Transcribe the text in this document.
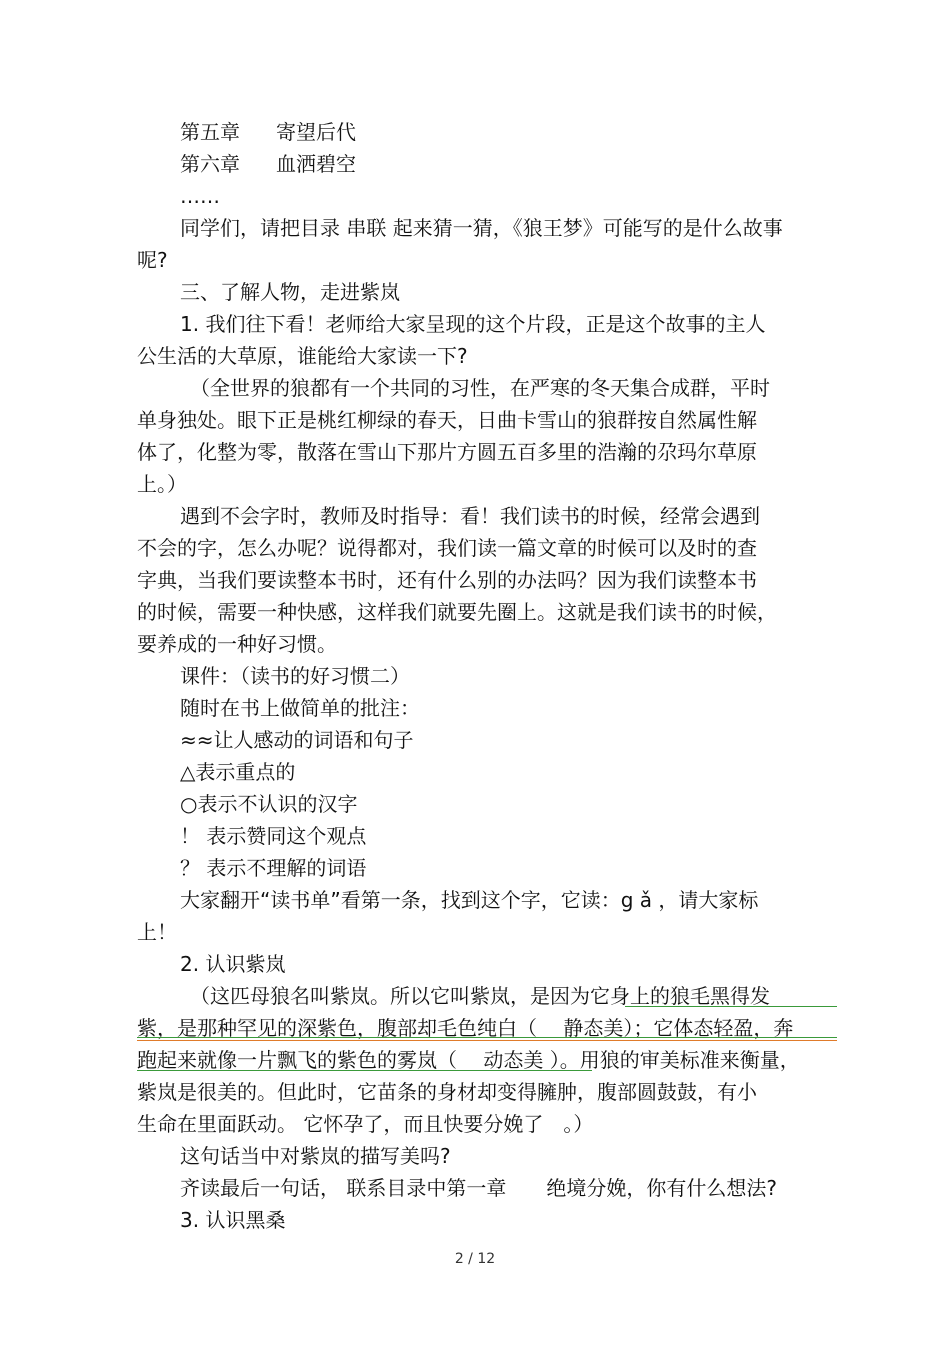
第五章 寄望后代
第六章 血洒碧空
……
同学们，请把目录 串联 起来猜一猜，《狼王梦》可能写的是什么故事
呢?
三、了解人物，走进紫岚
1. 我们往下看！老师给大家呈现的这个片段，正是这个故事的主人
公生活的大草原，谁能给大家读一下?
（全世界的狼都有一个共同的习性，在严寒的冬天集合成群，平时
单身独处。眼下正是桃红柳绿的春天，日曲卡雪山的狼群按自然属性解
体了，化整为零，散落在雪山下那片方圆五百多里的浩瀚的尕玛尔草原
上。）
遇到不会字时，教师及时指导：看！我们读书的时候，经常会遇到
不会的字，怎么办呢？说得都对，我们读一篇文章的时候可以及时的查
字典，当我们要读整本书时，还有什么别的办法吗？因为我们读整本书
的时候，需要一种快感，这样我们就要先圈上。这就是我们读书的时候，
要养成的一种好习惯。
课件：（读书的好习惯二）
随时在书上做简单的批注：
≈≈让人感动的词语和句子
△表示重点的
○表示不认识的汉字
！ 表示赞同这个观点
？ 表示不理解的词语
大家翻开“读书单”看第一条，找到这个字，它读：g ǎ ，请大家标
上！
2. 认识紫岚
（这匹母狼名叫紫岚。所以它叫紫岚，是因为它身上的狼毛黑得发
紫，是那种罕见的深紫色，腹部却毛色纯白（　 静态美）；它体态轻盈，奔
跑起来就像一片飘飞的紫色的雾岚（　 动态美 ）。用狼的审美标准来衡量，
紫岚是很美的。但此时，它苗条的身材却变得臃肿，腹部圆鼓鼓，有小
生命在里面跃动。 它怀孕了，而且快要分娩了　。）
这句话当中对紫岚的描写美吗?
齐读最后一句话， 联系目录中第一章 绝境分娩，你有什么想法?
3. 认识黑桑
2 / 12
